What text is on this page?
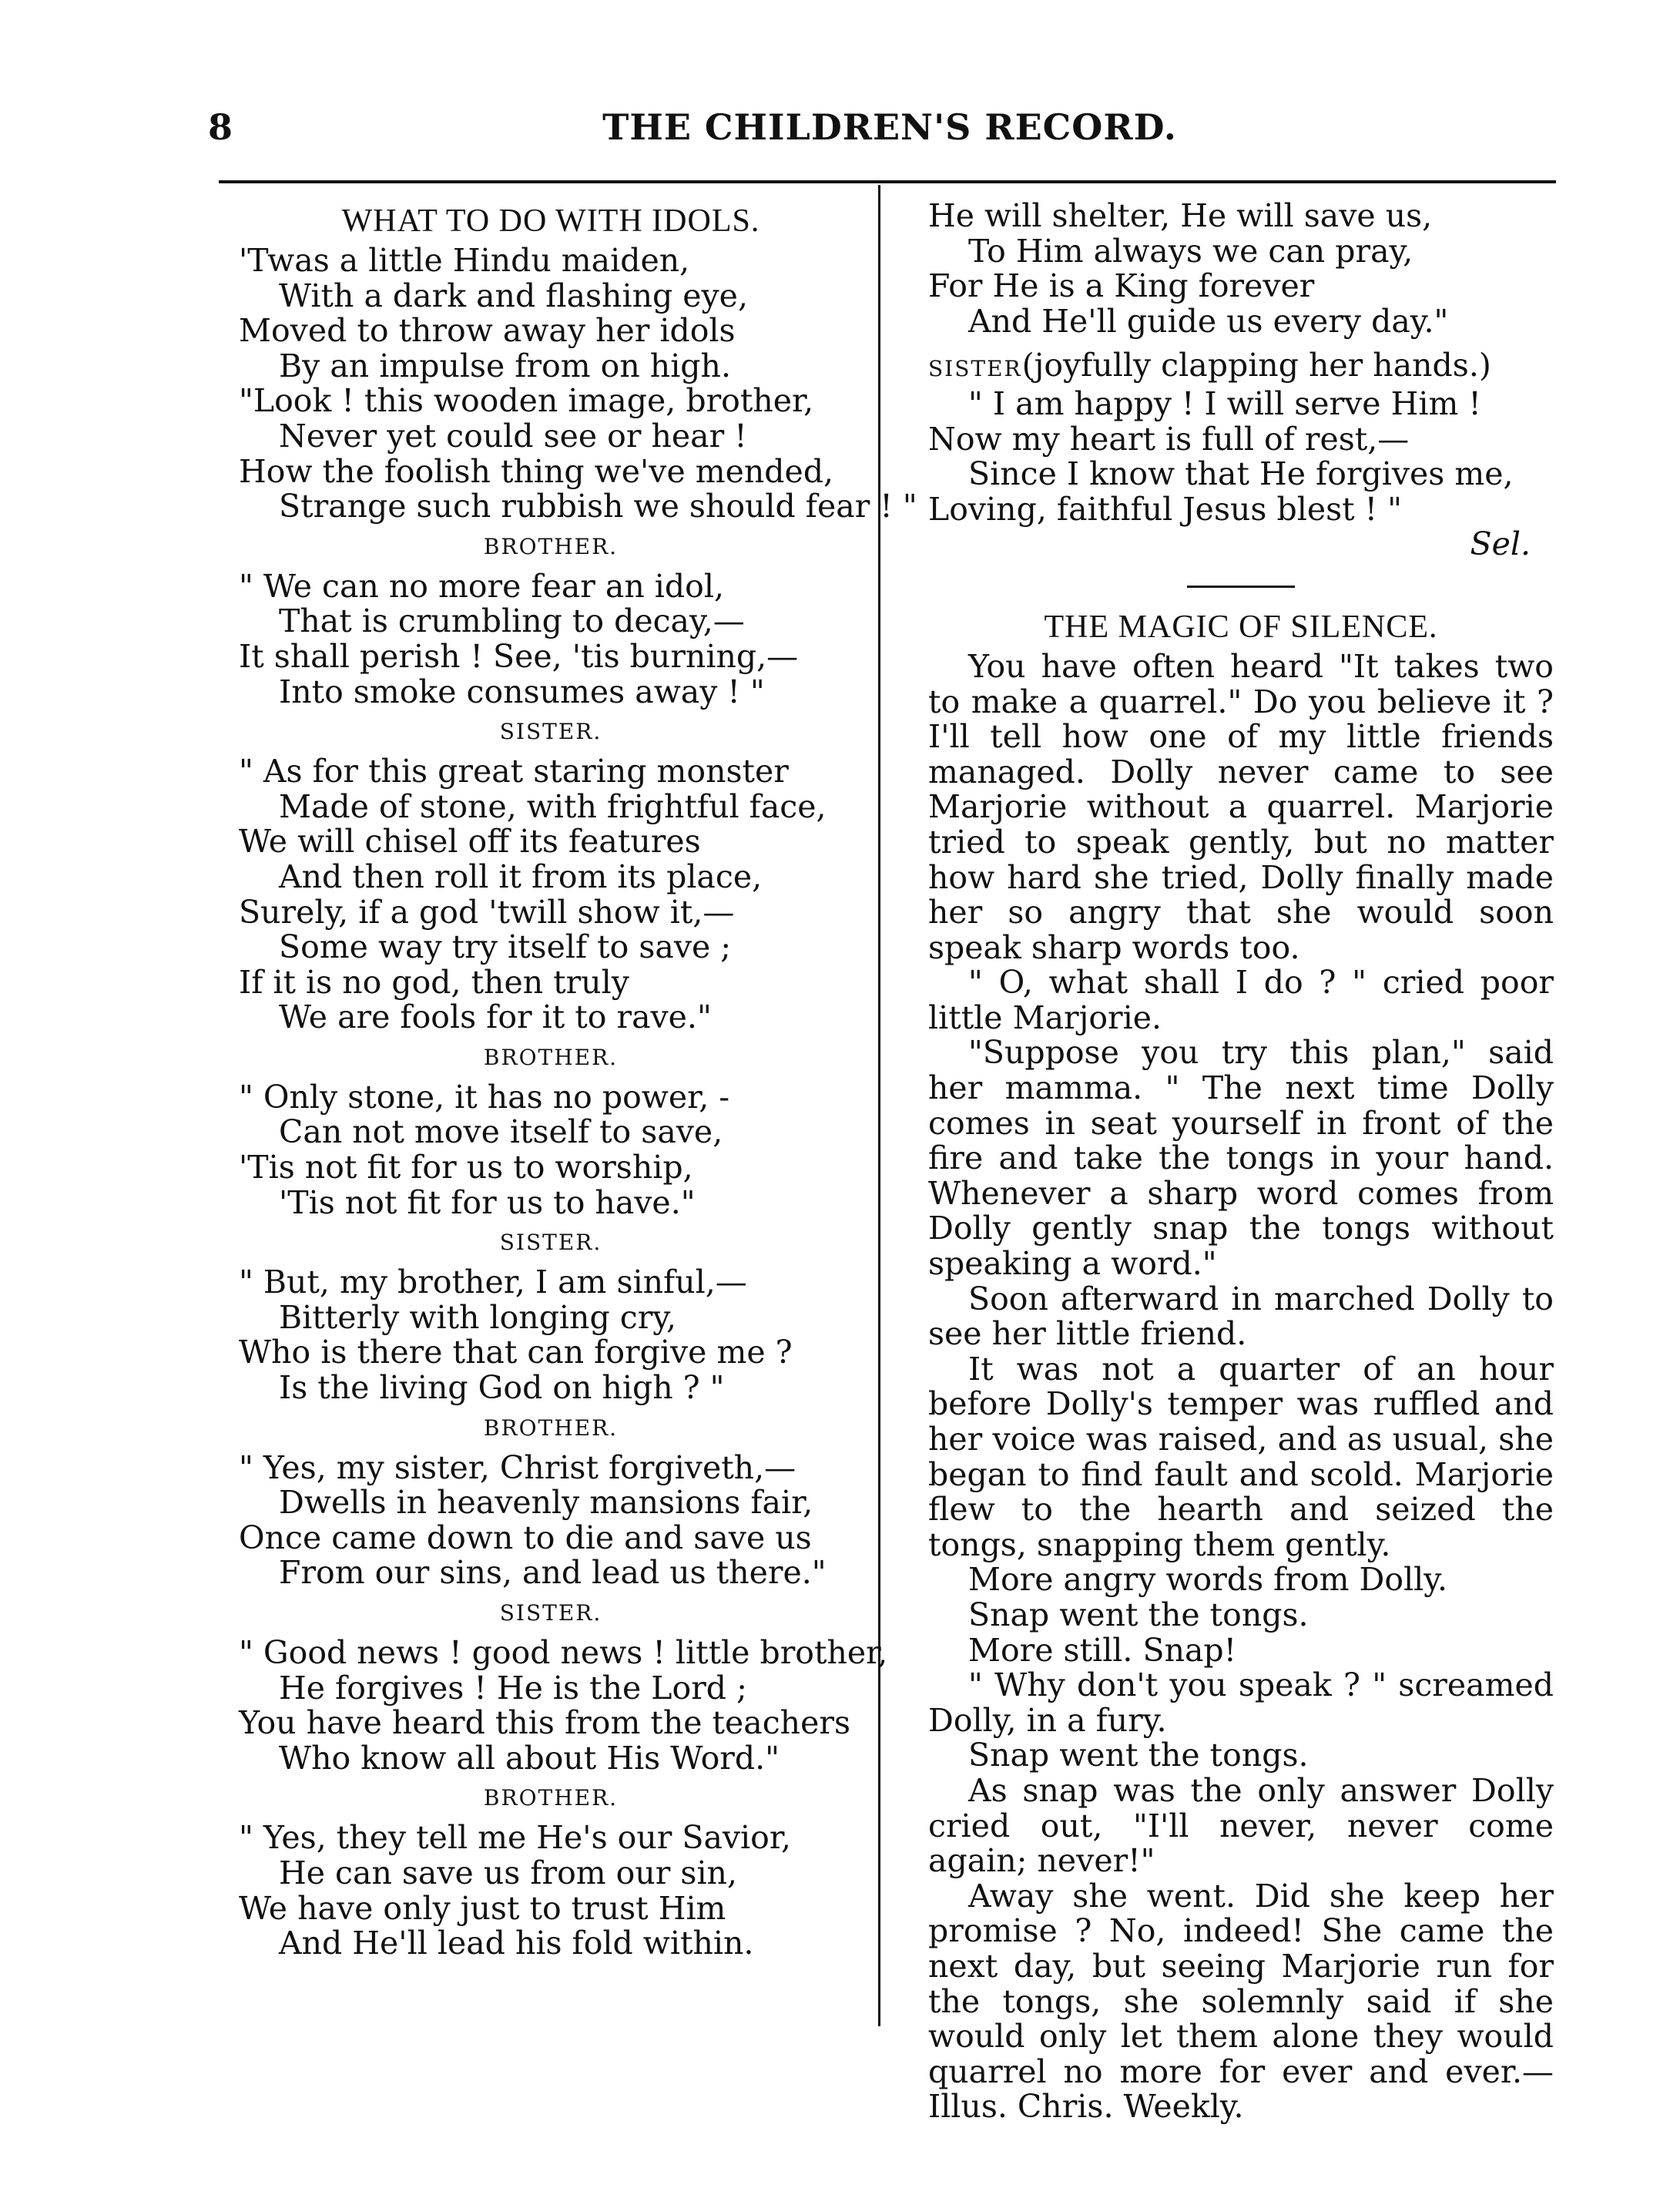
8	THE CHILDREN'S RECORD.
WHAT TO DO WITH IDOLS.
'Twas a little Hindu maiden,
With a dark and flashing eye,
Moved to throw away her idols
By an impulse from on high.
"Look ! this wooden image, brother,
Never yet could see or hear !
How the foolish thing we've mended,
Strange such rubbish we should fear ! "
BROTHER.
" We can no more fear an idol,
That is crumbling to decay,—
It shall perish ! See, 'tis burning,—
Into smoke consumes away ! "
SISTER.
" As for this great staring monster
Made of stone, with frightful face,
We will chisel off its features
And then roll it from its place,
Surely, if a god 'twill show it,—
Some way try itself to save ;
If it is no god, then truly
We are fools for it to rave."
BROTHER.
" Only stone, it has no power, -
Can not move itself to save,
'Tis not fit for us to worship,
'Tis not fit for us to have."
SISTER.
" But, my brother, I am sinful,—
Bitterly with longing cry,
Who is there that can forgive me ?
Is the living God on high ? "
BROTHER.
" Yes, my sister, Christ forgiveth,—
Dwells in heavenly mansions fair,
Once came down to die and save us
From our sins, and lead us there."
SISTER.
" Good news ! good news ! little brother,
He forgives ! He is the Lord ;
You have heard this from the teachers
Who know all about His Word."
BROTHER.
" Yes, they tell me He's our Savior,
He can save us from our sin,
We have only just to trust Him
And He'll lead his fold within.
He will shelter, He will save us,
To Him always we can pray,
For He is a King forever
And He'll guide us every day."
SISTER(joyfully clapping her hands.)
" I am happy ! I will serve Him !
Now my heart is full of rest,—
Since I know that He forgives me,
Loving, faithful Jesus blest ! "
Sel.
THE MAGIC OF SILENCE.

You have often heard "It takes two to make a quarrel." Do you believe it ? I'll tell how one of my little friends managed. Dolly never came to see Marjorie without a quarrel. Marjorie tried to speak gently, but no matter how hard she tried, Dolly finally made her so angry that she would soon speak sharp words too.

" O, what shall I do ? " cried poor little Marjorie.

"Suppose you try this plan," said her mamma. " The next time Dolly comes in seat yourself in front of the fire and take the tongs in your hand. Whenever a sharp word comes from Dolly gently snap the tongs without speaking a word."

Soon afterward in marched Dolly to see her little friend.

It was not a quarter of an hour before Dolly's temper was ruffled and her voice was raised, and as usual, she began to find fault and scold. Marjorie flew to the hearth and seized the tongs, snapping them gently.

More angry words from Dolly.

Snap went the tongs.

More still. Snap!

" Why don't you speak ? " screamed Dolly, in a fury.

Snap went the tongs.

As snap was the only answer Dolly cried out, "I'll never, never come again; never!"

Away she went. Did she keep her promise ? No, indeed! She came the next day, but seeing Marjorie run for the tongs, she solemnly said if she would only let them alone they would quarrel no more for ever and ever.—Illus. Chris. Weekly.
